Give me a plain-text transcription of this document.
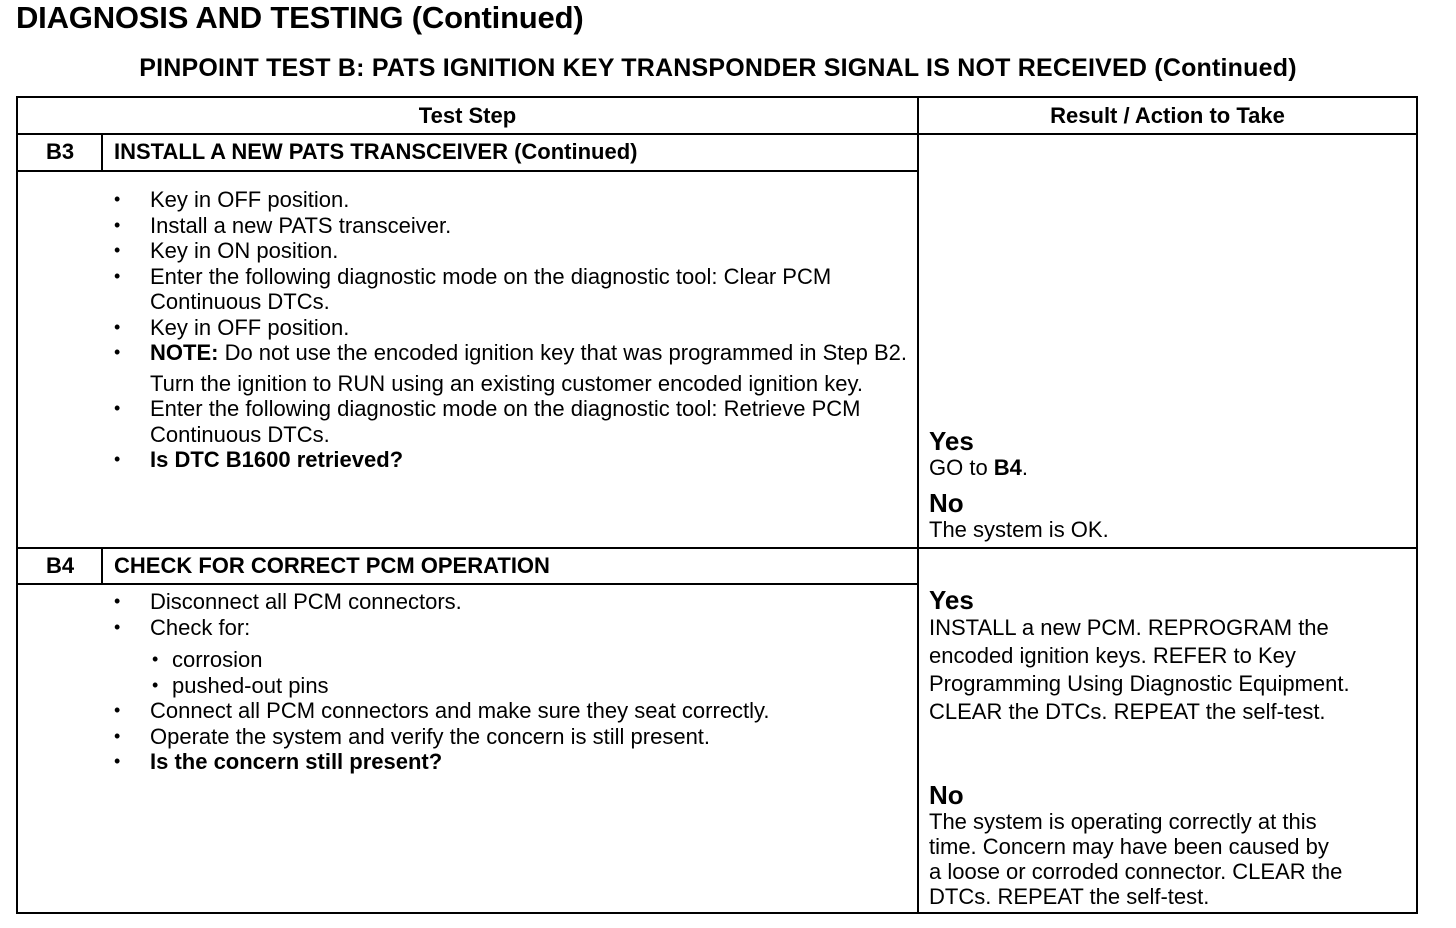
DIAGNOSIS AND TESTING (Continued)
PINPOINT TEST B: PATS IGNITION KEY TRANSPONDER SIGNAL IS NOT RECEIVED (Continued)
Test Step	Result / Action to Take
B3	INSTALL A NEW PATS TRANSCEIVER (Continued)
• Key in OFF position.
• Install a new PATS transceiver.
• Key in ON position.
• Enter the following diagnostic mode on the diagnostic tool: Clear PCM Continuous DTCs.
• Key in OFF position.
• NOTE: Do not use the encoded ignition key that was programmed in Step B2.
Turn the ignition to RUN using an existing customer encoded ignition key.
• Enter the following diagnostic mode on the diagnostic tool: Retrieve PCM Continuous DTCs.
• Is DTC B1600 retrieved?
Yes
GO to B4.
No
The system is OK.
B4	CHECK FOR CORRECT PCM OPERATION
• Disconnect all PCM connectors.
• Check for:
• corrosion
• pushed-out pins
• Connect all PCM connectors and make sure they seat correctly.
• Operate the system and verify the concern is still present.
• Is the concern still present?
Yes
INSTALL a new PCM. REPROGRAM the
encoded ignition keys. REFER to Key
Programming Using Diagnostic Equipment.
CLEAR the DTCs. REPEAT the self-test.
No
The system is operating correctly at this
time. Concern may have been caused by
a loose or corroded connector. CLEAR the
DTCs. REPEAT the self-test.
